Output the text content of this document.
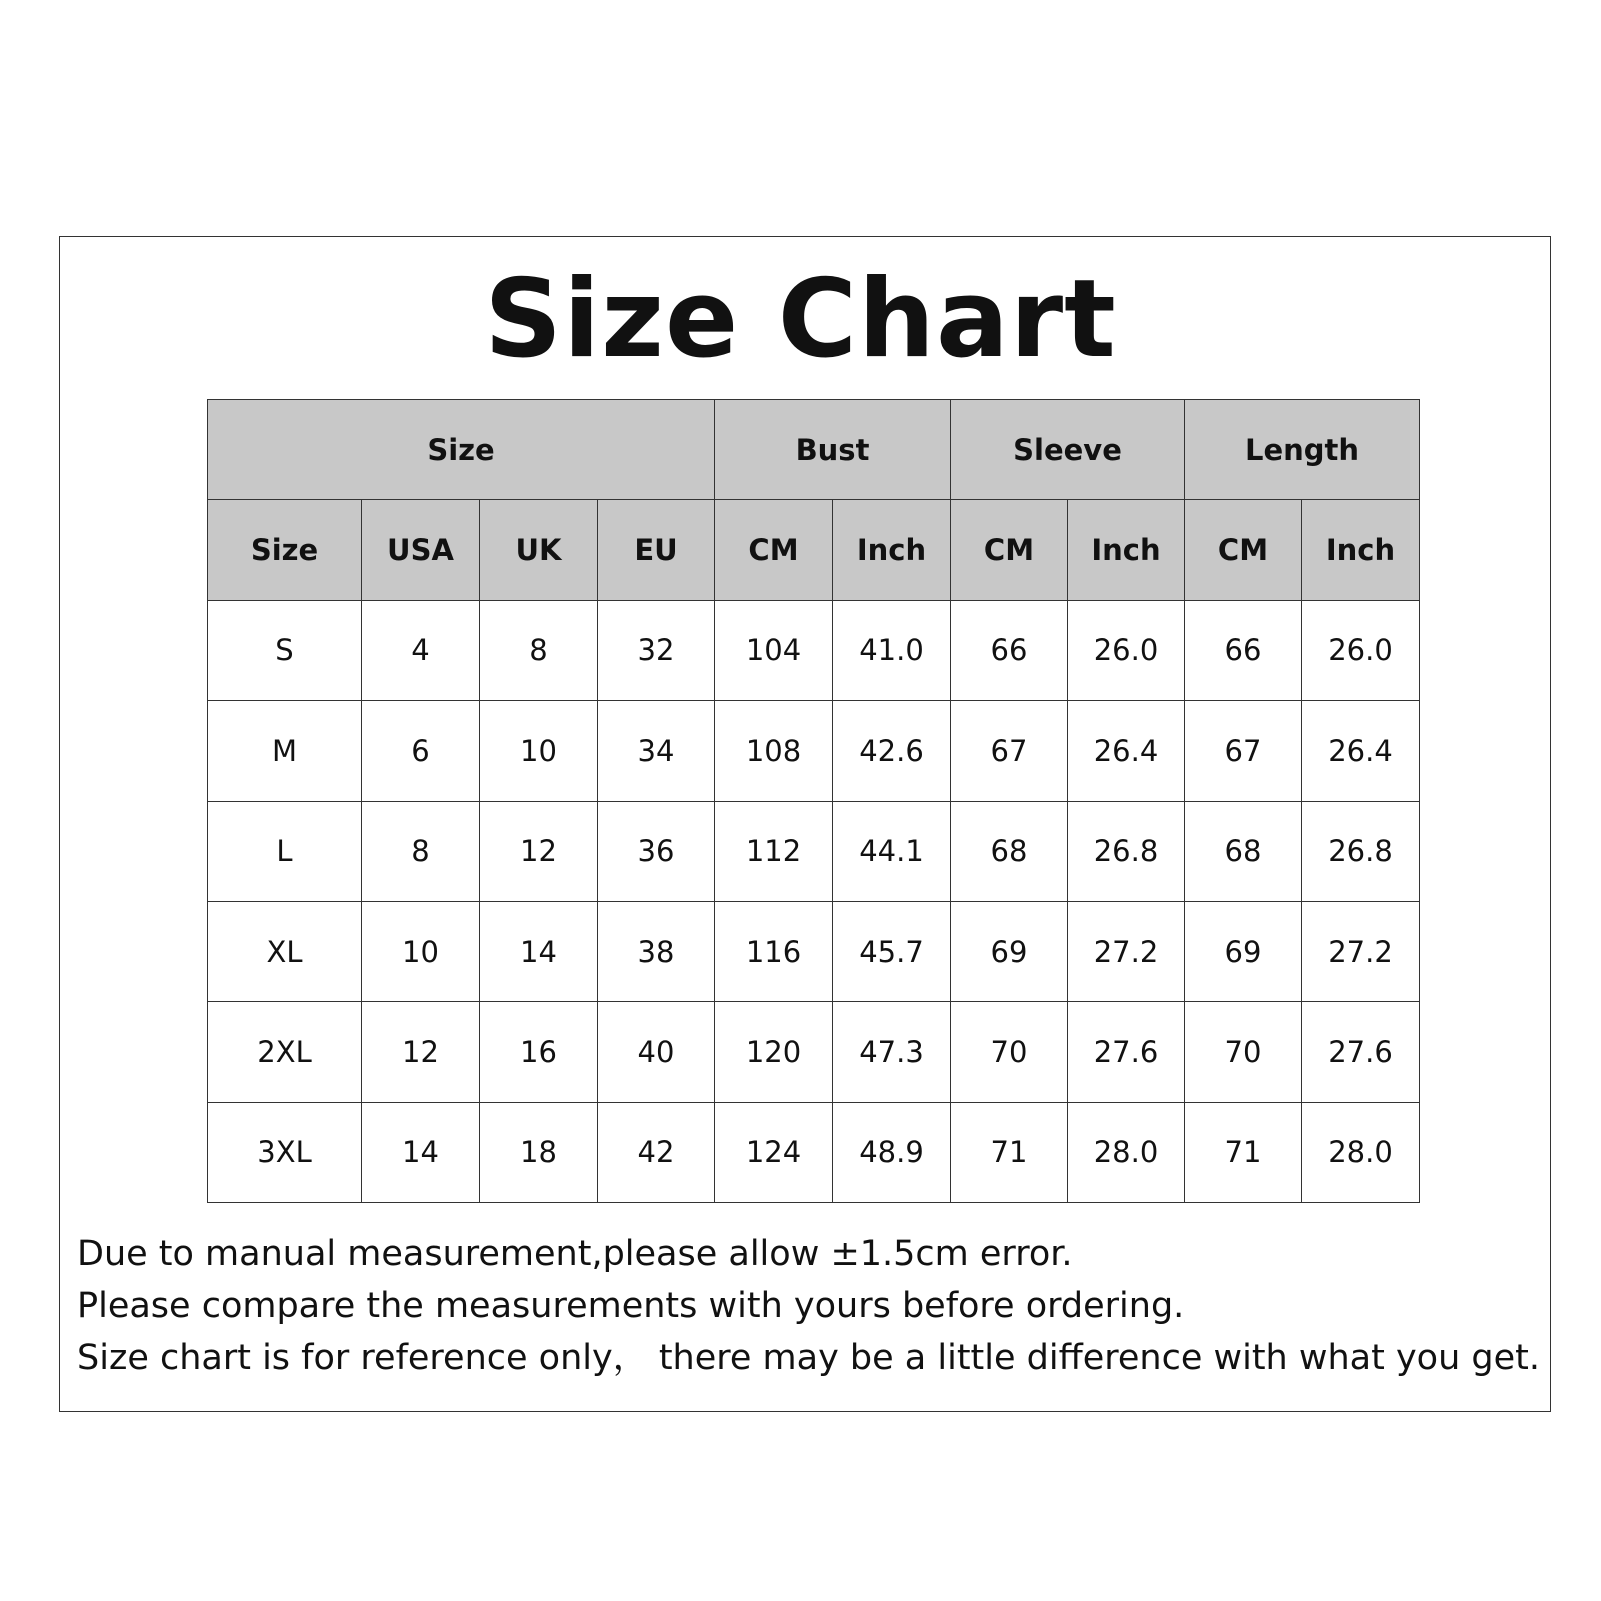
Size Chart
Size				Bust		Sleeve		Length	
Size	USA	UK	EU	CM	Inch	CM	Inch	CM	Inch
S	4	8	32	104	41.0	66	26.0	66	26.0
M	6	10	34	108	42.6	67	26.4	67	26.4
L	8	12	36	112	44.1	68	26.8	68	26.8
XL	10	14	38	116	45.7	69	27.2	69	27.2
2XL	12	16	40	120	47.3	70	27.6	70	27.6
3XL	14	18	42	124	48.9	71	28.0	71	28.0
Due to manual measurement,please allow ±1.5cm error.
Please compare the measurements with yours before ordering.
Size chart is for reference only， there may be a little difference with what you get.
